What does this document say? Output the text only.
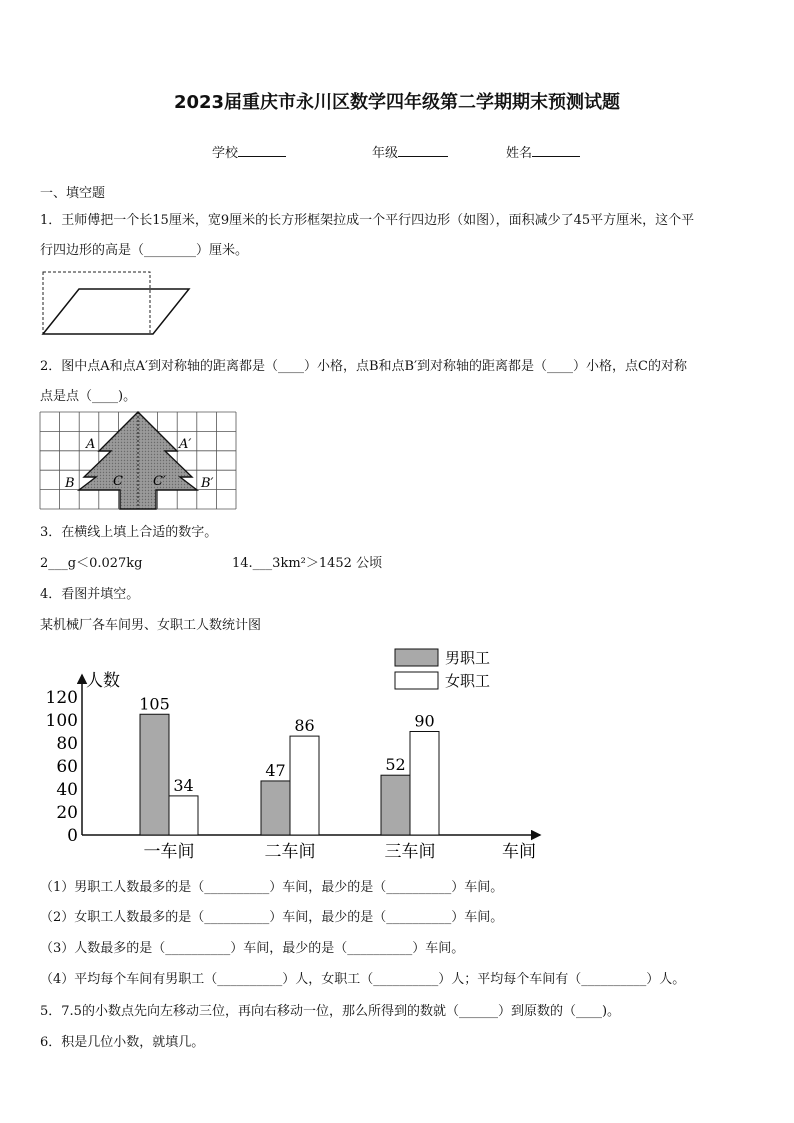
2023届重庆市永川区数学四年级第二学期期末预测试题
学校	年级	姓名
一、填空题
1．王师傅把一个长15厘米，宽9厘米的长方形框架拉成一个平行四边形（如图），面积减少了45平方厘米，这个平
行四边形的高是（________）厘米。
2．图中点A和点A′到对称轴的距离都是（____）小格，点B和点B′到对称轴的距离都是（____）小格，点C的对称
点是点（____)。
A	A′
B	B′
C C′
3．在横线上填上合适的数字。
2___g＜0.027kg	14.___3km²＞1452 公顷
4．看图并填空。
某机械厂各车间男、女职工人数统计图
0
20
40
60
80
100
120	105
34
一车间
47
86
二车间
52
90
三车间
人数
车间
男职工
女职工
（1）男职工人数最多的是（__________）车间，最少的是（__________）车间。
（2）女职工人数最多的是（__________）车间，最少的是（__________）车间。
（3）人数最多的是（__________）车间，最少的是（__________）车间。
（4）平均每个车间有男职工（__________）人，女职工（__________）人；平均每个车间有（__________）人。
5．7.5的小数点先向左移动三位，再向右移动一位，那么所得到的数就（______）到原数的（____)。
6．积是几位小数，就填几。
